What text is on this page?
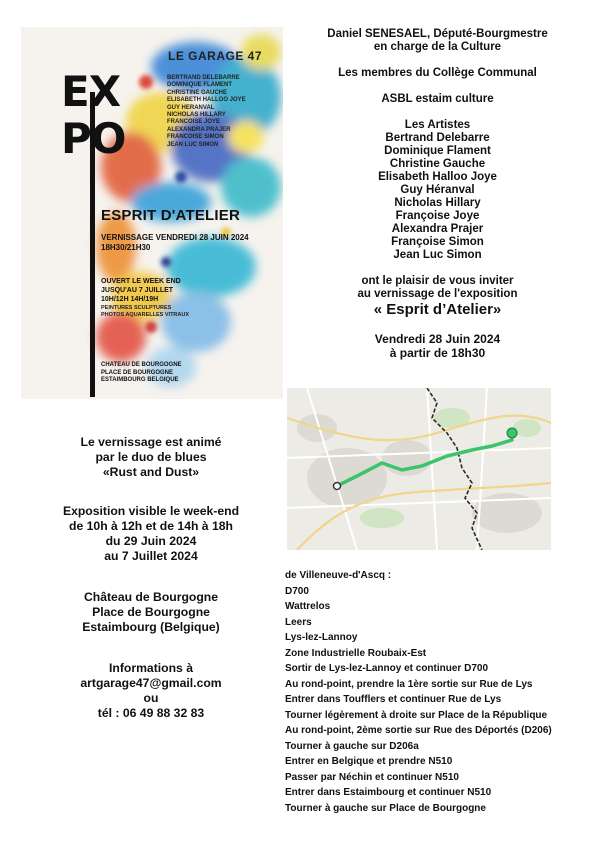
EX
PO
LE GARAGE 47
BERTRAND DELEBARRE
DOMINIQUE FLAMENT
CHRISTINE GAUCHE
ELISABETH HALLOO JOYE
GUY HERANVAL
NICHOLAS HILLARY
FRANCOISE JOYE
ALEXANDRA PRAJER
FRANCOISE SIMON
JEAN LUC SIMON
ESPRIT D'ATELIER
VERNISSAGE VENDREDI 28 JUIN 2024
18H30/21H30
OUVERT LE WEEK END
JUSQU'AU 7 JUILLET
10H/12H 14H/19H
PEINTURES SCULPTURES
PHOTOS AQUARELLES VITRAUX
CHATEAU DE BOURGOGNE
PLACE DE BOURGOGNE
ESTAIMBOURG BELGIQUE

Daniel SENESAEL, Député-Bourgmestre

en charge de la Culture

Les membres du Collège Communal

ASBL estaim culture

Les Artistes

Bertrand Delebarre

Dominique Flament

Christine Gauche

Elisabeth Halloo Joye

Guy Héranval

Nicholas Hillary

Françoise Joye

Alexandra Prajer

Françoise Simon

Jean Luc Simon

ont le plaisir de vous inviter

au vernissage de l'exposition

« Esprit d’Atelier»

Vendredi 28 Juin 2024

à partir de 18h30

Le vernissage est animé

par le duo de blues

«Rust and Dust»

Exposition visible le week-end

de 10h à 12h et de 14h à 18h

du 29 Juin 2024

au 7 Juillet 2024

Château de Bourgogne

Place de Bourgogne

Estaimbourg (Belgique)

Informations à

artgarage47@gmail.com

ou

tél : 06 49 88 32 83

de Villeneuve-d'Ascq :
D700
Wattrelos
Leers
Lys-lez-Lannoy
Zone Industrielle Roubaix-Est
Sortir de Lys-lez-Lannoy et continuer D700
Au rond-point, prendre la 1ère sortie sur Rue de Lys
Entrer dans Toufflers et continuer Rue de Lys
Tourner légèrement à droite sur Place de la République
Au rond-point, 2ème sortie sur Rue des Déportés (D206)
Tourner à gauche sur D206a
Entrer en Belgique et prendre N510
Passer par Néchin et continuer N510
Entrer dans Estaimbourg et continuer N510
Tourner à gauche sur Place de Bourgogne
